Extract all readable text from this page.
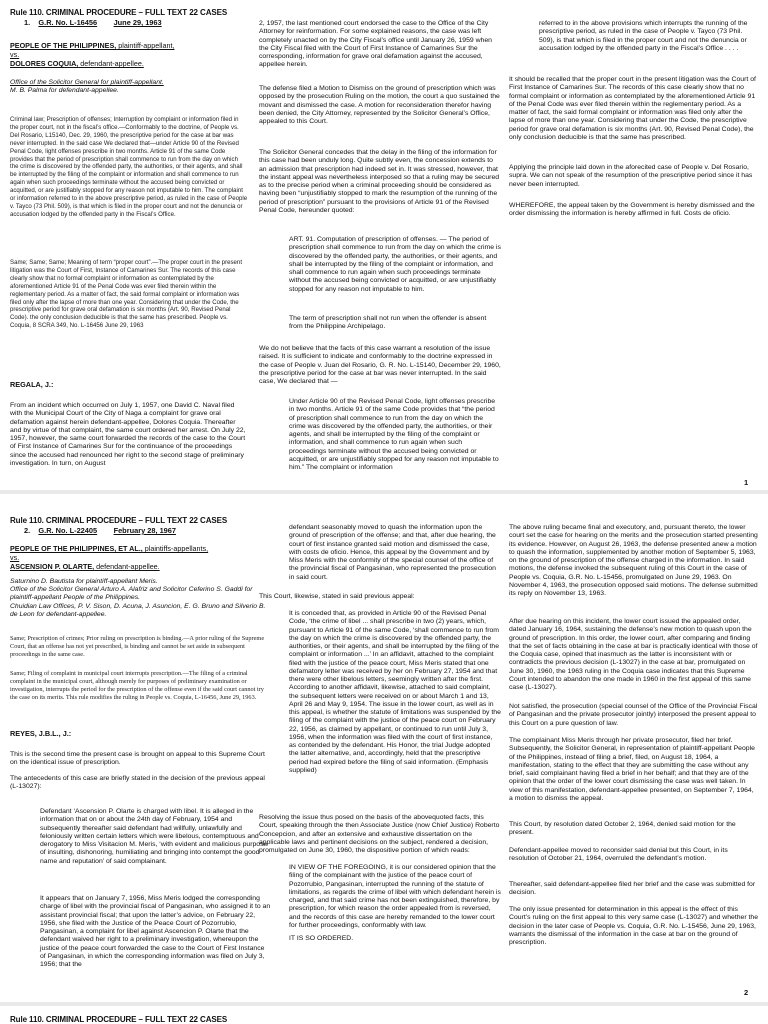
Rule 110. CRIMINAL PROCEDURE – FULL TEXT 22 CASES
1. G.R. No. L-16456 June 29, 1963
PEOPLE OF THE PHILIPPINES, plaintiff-appellant,
vs.
DOLORES COQUIA, defendant-appellee.
Office of the Solicitor General for plaintiff-appellant.
M. B. Palma for defendant-appellee.

Criminal law; Prescription of offenses; Interruption by complaint or information filed in the proper court, not in the fiscal’s office.—Conformably to the doctrine, of People vs. Del Rosario, L15140, Dec. 29, 1960, the prescriptive period for the case at bar was never interrupted. In the said case We declared that—under Article 90 of the Revised Penal Code, light offenses prescribe in two months. Article 91 of the same Code provides that the period of prescription shall commence to run from the day on which the crime is discovered by the offended party, the authorities, or their agents, and shall be interrupted by the filing of the complaint or information and shall commence to run again when such proceedings terminate without the accused being convicted or acquitted, or are justifiably stopped for any reason not imputable to him. The complaint or information referred to in the above prescriptive period, as ruled in the case of People v. Tayco (73 Phil. 509), is that which is filed in the proper court and not the denuncia or accusation lodged by the offended party in the Fiscal’s Office.

Same; Same; Same; Meaning of term “proper court”.—The proper court in the present litigation was the Court of First, Instance of Camarines Sur. The records of this case clearly show that no formal complaint or information as contemplated by the aforementioned Article 91 of the Penal Code was ever filed therein within the reglementary period. As a matter of fact, the said formal complaint or information was filed only after the lapse of more than one year. Considering that under the Code, the prescriptive period for grave oral defamation is six months (Art. 90, Revised Penal Code). the only conclusion deducible is that the same has prescribed. People vs. Coquia, 8 SCRA 349, No. L-16456 June 29, 1963

REGALA, J.:

From an incident which occurred on July 1, 1957, one David C. Naval filed with the Municipal Court of the City of Naga a complaint for grave oral defamation against herein defendant-appellee, Dolores Coquia. Thereafter and by virtue of that complaint, the same court ordered her arrest. On July 22, 1957, however, the same court forwarded the records of the case to the Court of First Instance of Camarines Sur for the continuance of the proceedings since the accused had renounced her right to the second stage of preliminary investigation. In turn, on August

2, 1957, the last mentioned court endorsed the case to the Office of the City Attorney for reinformation. For some explained reasons, the case was left completely unacted on by the City Fiscal’s office until January 26, 1959 when the City Fiscal filed with the Court of First Instance of Camarines Sur the corresponding, information for grave oral defamation against the accused, appellee herein.

The defense filed a Motion to Dismiss on the ground of prescription which was opposed by the prosecution Ruling on the motion, the court a quo sustained the movant and dismissed the case. A motion for reconsideration therefor having been denied, the City Attorney, represented by the Solicitor General’s Office, appealed to this Court.

The Solicitor General concedes that the delay in the filing of the information for this case had been unduly long. Quite subtly even, the concession extends to an admission that prescription had indeed set in. It was stressed, however, that the instant appeal was nevertheless interposed so that a ruling may be secured as to the precise period when a criminal proceeding should be considered as having been “unjustifiably stopped to mark the resumption of the running of the period of prescription” pursuant to the provisions of Article 91 of the Revised Penal Code, hereunder quoted:

ART. 91. Computation of prescription of offenses. — The period of prescription shall commence to run from the day on which the crime is discovered by the offended party, the authorities, or their agents, and shall be interrupted by the filing of the complaint or information, and shall commence to run again when such proceedings terminate without the accused being convicted or acquitted, or are unjustifiably stopped for any reason not imputable to him.

The term of prescription shall not run when the offender is absent from the Philippine Archipelago.

We do not believe that the facts of this case warrant a resolution of the issue raised. It is sufficient to indicate and conformably to the doctrine expressed in the case of People v. Juan del Rosario, G. R. No. L-15140, December 29, 1960, the prescriptive period for the case at bar was never interrupted. In the said case, We declared that —

Under Article 90 of the Revised Penal Code, light offenses prescribe in two months. Article 91 of the same Code provides that “the period of prescription shall commence to run from the day on which the crime was discovered by the offended party, the authorities, or their agents, and shall be interrupted by the filing of the complaint or information, and shall commence to run again when such proceedings terminate without the accused being convicted or acquitted, or are unjustifiably stopped for any reason not imputable to him.” The complaint or information

referred to in the above provisions which interrupts the running of the prescriptive period, as ruled in the case of People v. Tayco (73 Phil. 509), is that which is filed in the proper court and not the denuncia or accusation lodged by the offended party in the Fiscal’s Office . . . .

It should be recalled that the proper court in the present litigation was the Court of First Instance of Camarines Sur. The records of this case clearly show that no formal complaint or information as contemplated by the aforementioned Article 91 of the Penal Code was ever filed therein within the reglementary period. As a matter of fact, the said formal complaint or information was filed only after the lapse of more than one year. Considering that under the Code, the prescriptive period for grave oral defamation is six months (Art. 90, Revised Penal Code), the only conclusion deducible is that the same has prescribed.

Applying the principle laid down in the aforecited case of People v. Del Rosario, supra. We can not speak of the resumption of the prescriptive period since it has never been interrupted.

WHEREFORE, the appeal taken by the Government is hereby dismissed and the order dismissing the information is hereby affirmed in full. Costs de oficio.

1
Rule 110. CRIMINAL PROCEDURE – FULL TEXT 22 CASES
2. G.R. No. L-22405 February 28, 1967
PEOPLE OF THE PHILIPPINES, ET AL., plaintiffs-appellants,
vs.
ASCENSION P. OLARTE, defendant-appellee.
Saturnino D. Bautista for plaintiff-appellant Meris.
Office of the Solicitor General Arturo A. Alafriz and Solicitor Ceferino S. Gaddi for plaintiff-appellant People of the Philippines.
Chuidian Law Offices, P. V. Sison, D. Acuna, J. Asuncion, E. G. Bruno and Silverio B. de Leon for defendant-appellee.

Same; Prescription of crimes; Prior ruling on prescription is binding.—A prior ruling of the Supreme Court, that an offense has not yet prescribed, is binding and cannot be set aside in subsequent proceedings in the same case.

Same; Filing of complaint in municipal court interrupts prescription.—The filing of a criminal complaint in the municipal court, although merely for purposes of preliminary examination or investigation, interrupts the period for the prescription of the offense even if the said court cannot try the case on its merits. This rule modifies the ruling in People vs. Coquia, L-16456, June 29, 1963.

REYES, J.B.L., J.:

This is the second time the present case is brought on appeal to this Supreme Court on the identical issue of prescription.

The antecedents of this case are briefly stated in the decision of the previous appeal (L-13027):

Defendant ‘Ascension P. Olarte is charged with libel. It is alleged in the information that on or about the 24th day of February, 1954 and subsequently thereafter said defendant had willfully, unlawfully and feloniously written certain letters which were libelous, contemptuous and derogatory to Miss Visitacion M. Meris, ‘with evident and malicious purpose of insulting, dishonoring, humiliating and bringing into contempt the good name and reputation’ of said complainant.

It appears that on January 7, 1956, Miss Meris lodged the corresponding charge of libel with the provincial fiscal of Pangasinan, who assigned it to an assistant provincial fiscal; that upon the latter’s advice, on February 22, 1956, she filed with the Justice of the Peace Court of Pozorrubio, Pangasinan, a complaint for libel against Ascencion P. Olarte that the defendant waived her right to a preliminary investigation, whereupon the justice of the peace court forwarded the case to the Court of First Instance of Pangasinan, in which the corresponding information was filed on July 3, 1956; that the

defendant seasonably moved to quash the information upon the ground of prescription of the offense; and that, after due hearing, the court of first instance granted said motion and dismissed the case, with costs de oficio. Hence, this appeal by the Government and by Miss Meris with the conformity of the special counsel of the office of the provincial fiscal of Pangasinan, who represented the prosecution in said court.

This Court, likewise, stated in said previous appeal:

It is conceded that, as provided in Article 90 of the Revised Penal Code, ‘the crime of libel ... shall prescribe in two (2) years, which, pursuant to Article 91 of the same Code, ‘shall commence to run from the day on which the crime is discovered by the offended party, the authorities, or their agents, and shall be interrupted by the filing of the complaint or information ...’ In an affidavit, attached to the complaint filed with the justice of the peace court, Miss Meris stated that one defamatory letter was received by her on February 27, 1954 and that there were other libelous letters, seemingly written after the first. According to another affidavit, likewise, attached to said complaint, the subsequent letters were received on or about March 1 and 13, April 26 and May 9, 1954. The issue in the lower court, as well as in this appeal, is whether the statute of limitations was suspended by the filing of the complaint with the justice of the peace court on February 22, 1956, as claimed by appellant, or continued to run until July 3, 1956, when the information was filed with the court of first instance, as contended by the defendant. His Honor, the trial Judge adopted the latter alternative, and, accordingly, held that the prescriptive period had expired before the filing of said information. (Emphasis supplied)

Resolving the issue thus posed on the basis of the abovequoted facts, this Court, speaking through the then Associate Justice (now Chief Justice) Roberto Concepcion, and after an extensive and exhaustive dissertation on the applicable laws and pertinent decisions on the subject, rendered a decision, promulgated on June 30, 1960, the dispositive portion of which reads:

IN VIEW OF THE FOREGOING, it is our considered opinion that the filing of the complainant with the justice of the peace court of Pozorrubio, Pangasinan, interrupted the running of the statute of limitations, as regards the crime of libel with which defendant herein is charged, and that said crime has not been extinguished, therefore, by prescription, for which reason the order appealed from is reversed, and the records of this case are hereby remanded to the lower court for further proceedings, conformably with law.

IT IS SO ORDERED.

The above ruling became final and executory, and, pursuant thereto, the lower court set the case for hearing on the merits and the prosecution started presenting its evidence. However, on August 26, 1963, the defense presented anew a motion to quash the information, supplemented by another motion of September 5, 1963, on the ground of prescription of the offense charged in the information. In said motions, the defense invoked the subsequent ruling of this Court in the case of People vs. Coquia, G.R. No. L-15456, promulgated on June 29, 1963. On November 4, 1963, the prosecution opposed said motions. The defense submitted its reply on November 13, 1963.

After due hearing on this incident, the lower court issued the appealed order, dated January 16, 1964, sustaining the defense’s new motion to quash upon the ground of prescription. In this order, the lower court, after comparing and finding that the set of facts obtaining in the case at bar is practically identical with those of the Coquia case, opined that inasmuch as the latter is inconsistent with or contradicts the previous decision (L-13027) in the case at bar, promulgated on June 30, 1960, the 1963 ruling in the Coquia case indicates that this Supreme Court intended to abandon the one made in 1960 in the first appeal of this same case (L-13027).

Not satisfied, the prosecution (special counsel of the Office of the Provincial Fiscal of Pangasinan and the private prosecutor jointly) interposed the present appeal to this Court on a pure question of law.

The complainant Miss Meris through her private prosecutor, filed her brief. Subsequently, the Solicitor General, in representation of plaintiff-appellant People of the Philippines, instead of filing a brief, filed, on August 18, 1964, a manifestation, stating to the effect that they are submitting the case without any brief, said complainant having filed a brief in her behalf; and that they are of the opinion that the order of the lower court dismissing the case was well taken. In view of this manifestation, defendant-appellee presented, on September 7, 1964, a motion to dismiss the appeal.

This Court, by resolution dated October 2, 1964, denied said motion for the present.

Defendant-appellee moved to reconsider said denial but this Court, in its resolution of October 21, 1964, overruled the defendant’s motion.

Thereafter, said defendant-appellee filed her brief and the case was submitted for decision.

The only issue presented for determination in this appeal is the effect of this Court’s ruling on the first appeal to this very same case (L-13027) and whether the decision in the later case of People vs. Coquia, G.R. No. L-15456, June 29, 1963, warrants the dismissal of the information in the case at bar on the ground of prescription.

2
Rule 110. CRIMINAL PROCEDURE – FULL TEXT 22 CASES
